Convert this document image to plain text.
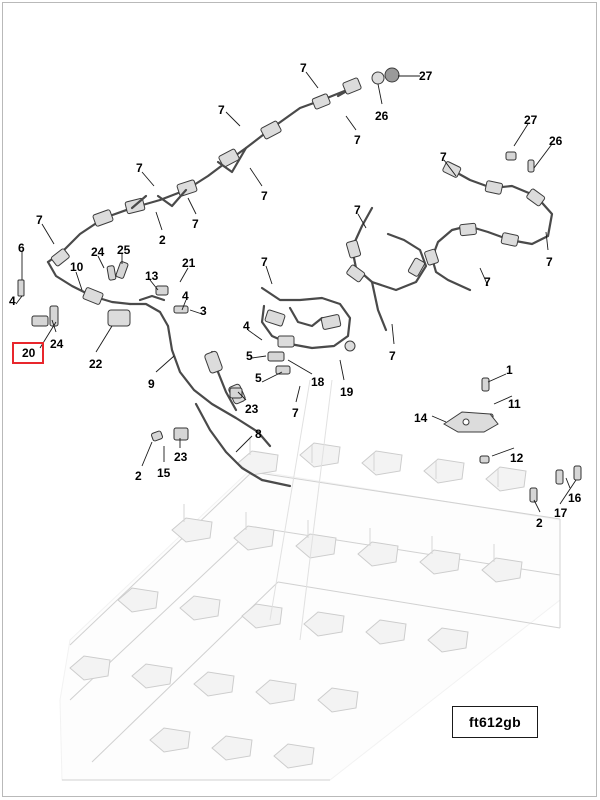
7
27
26
7
7
27
26
7
7
7
7
7
7
2
7
6	24 25
10
13
21	7
7
4
3
4
4
24
7
20
22
5
1
9	5	18
19
11
23	7	14
8
12
23
2 15
16
17
2
ft612gb
